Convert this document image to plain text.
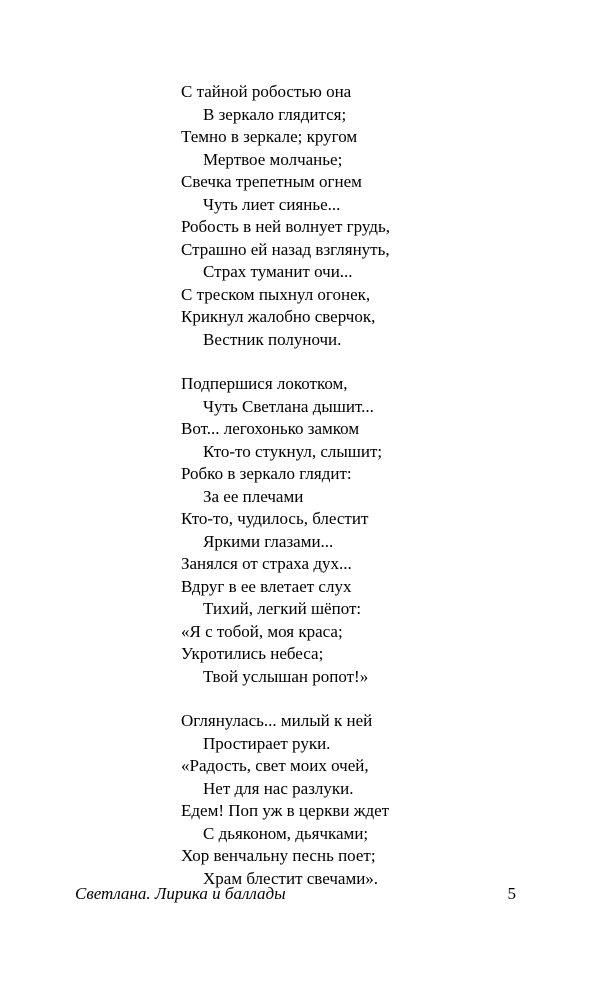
С тайной робостью она
В зеркало глядится;
Темно в зеркале; кругом
Мертвое молчанье;
Свечка трепетным огнем
Чуть лиет сиянье...
Робость в ней волнует грудь,
Страшно ей назад взглянуть,
Страх туманит очи...
С треском пыхнул огонек,
Крикнул жалобно сверчок,
Вестник полуночи.
Подпершися локотком,
Чуть Светлана дышит...
Вот... легохонько замком
Кто-то стукнул, слышит;
Робко в зеркало глядит:
За ее плечами
Кто-то, чудилось, блестит
Яркими глазами...
Занялся от страха дух...
Вдруг в ее влетает слух
Тихий, легкий шёпот:
«Я с тобой, моя краса;
Укротились небеса;
Твой услышан ропот!»
Оглянулась... милый к ней
Простирает руки.
«Радость, свет моих очей,
Нет для нас разлуки.
Едем! Поп уж в церкви ждет
С дьяконом, дьячками;
Хор венчальну песнь поет;
Храм блестит свечами».
Светлана. Лирика и баллады	5
